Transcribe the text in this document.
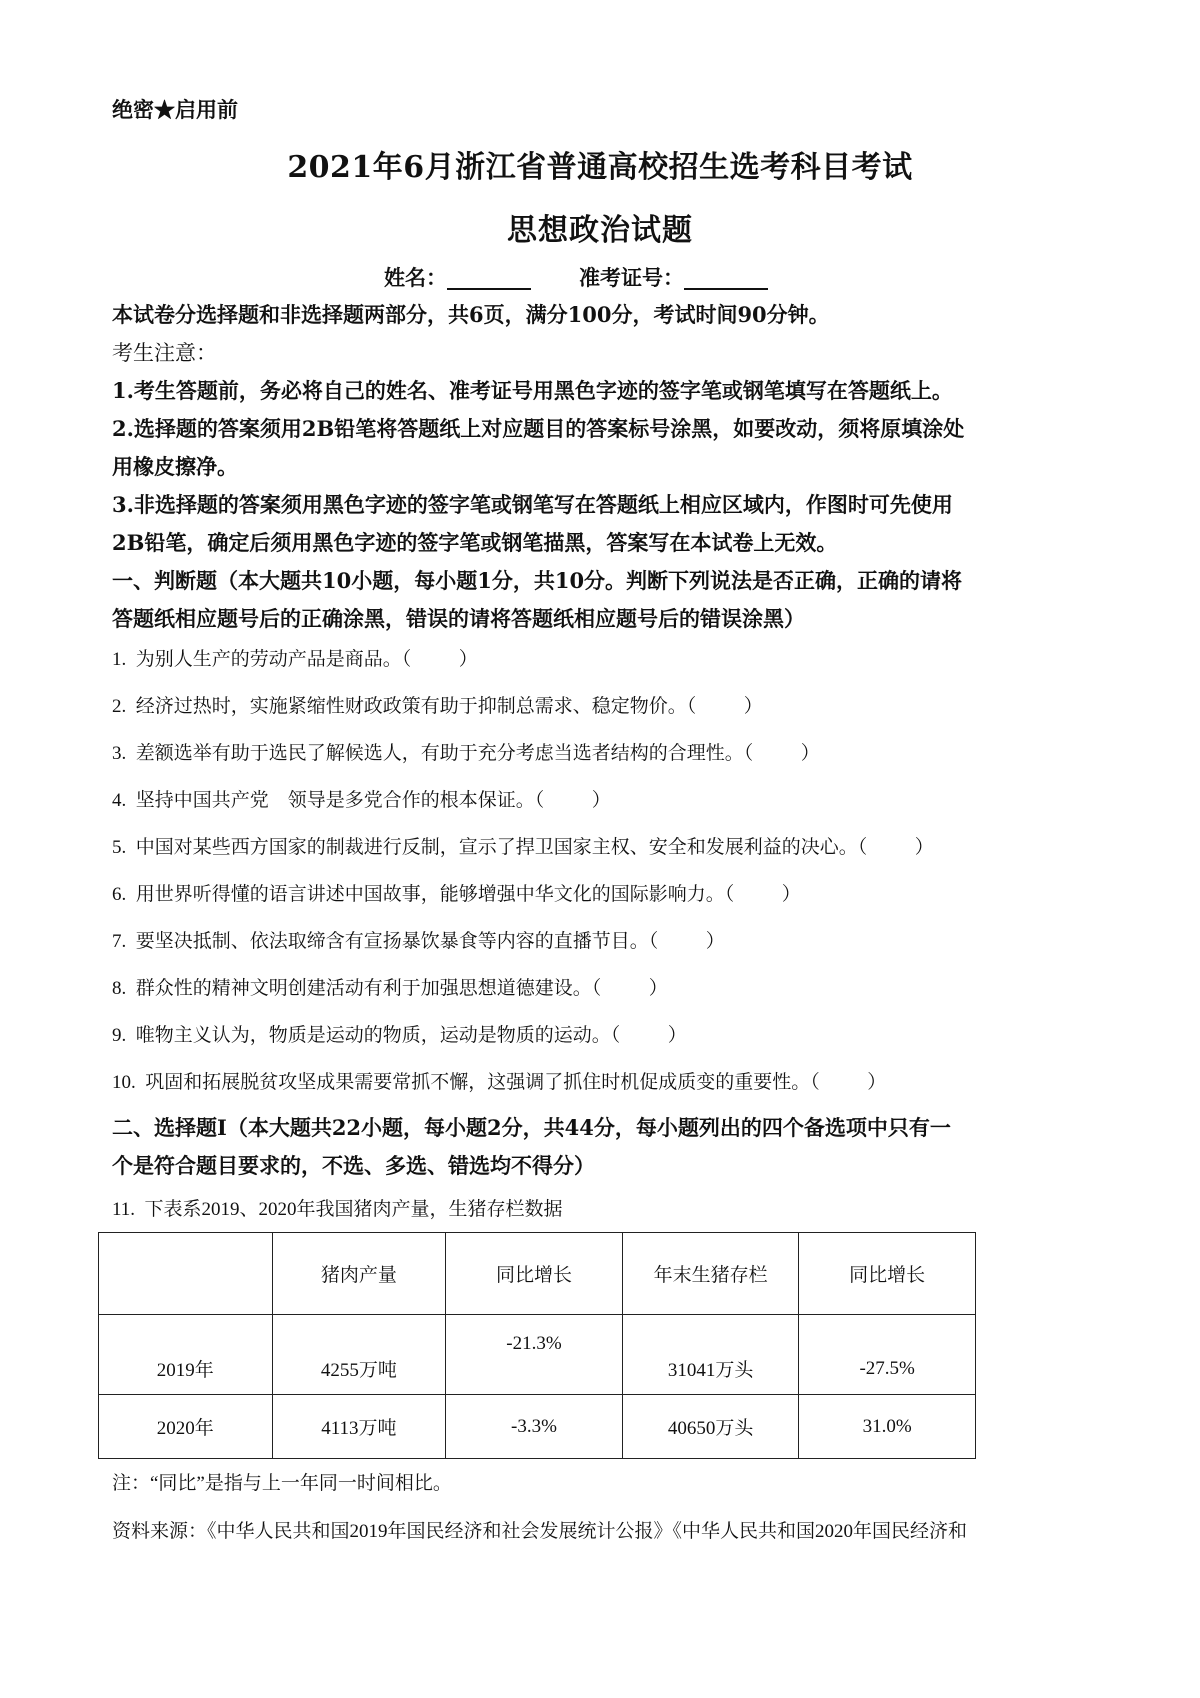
绝密★启用前
2021年6月浙江省普通高校招生选考科目考试
思想政治试题
姓名：________ 准考证号：________
本试卷分选择题和非选择题两部分，共6页，满分100分，考试时间90分钟。
考生注意：
1.考生答题前，务必将自己的姓名、准考证号用黑色字迹的签字笔或钢笔填写在答题纸上。
2.选择题的答案须用2B铅笔将答题纸上对应题目的答案标号涂黑，如要改动，须将原填涂处
用橡皮擦净。
3.非选择题的答案须用黑色字迹的签字笔或钢笔写在答题纸上相应区域内，作图时可先使用
2B铅笔，确定后须用黑色字迹的签字笔或钢笔描黑，答案写在本试卷上无效。
一、判断题（本大题共10小题，每小题1分，共10分。判断下列说法是否正确，正确的请将
答题纸相应题号后的正确涂黑，错误的请将答题纸相应题号后的错误涂黑）
1.  为别人生产的劳动产品是商品。（          ）
2.  经济过热时，实施紧缩性财政政策有助于抑制总需求、稳定物价。（          ）
3.  差额选举有助于选民了解候选人，有助于充分考虑当选者结构的合理性。（          ）
4.  坚持中国共产党    领导是多党合作的根本保证。（          ）
5.  中国对某些西方国家的制裁进行反制，宣示了捍卫国家主权、安全和发展利益的决心。（          ）
6.  用世界听得懂的语言讲述中国故事，能够增强中华文化的国际影响力。（          ）
7.  要坚决抵制、依法取缔含有宣扬暴饮暴食等内容的直播节目。（          ）
8.  群众性的精神文明创建活动有利于加强思想道德建设。（          ）
9.  唯物主义认为，物质是运动的物质，运动是物质的运动。（          ）
10.  巩固和拓展脱贫攻坚成果需要常抓不懈，这强调了抓住时机促成质变的重要性。（          ）
二、选择题Ⅰ（本大题共22小题，每小题2分，共44分，每小题列出的四个备选项中只有一
个是符合题目要求的，不选、多选、错选均不得分）
11.  下表系2019、2020年我国猪肉产量，生猪存栏数据
	猪肉产量	同比增长	年末生猪存栏	同比增长
2019年	4255万吨	-21.3%	31041万头	-27.5%
2020年	4113万吨	-3.3%	40650万头	31.0%
注：“同比”是指与上一年同一时间相比。
资料来源：《中华人民共和国2019年国民经济和社会发展统计公报》《中华人民共和国2020年国民经济和
